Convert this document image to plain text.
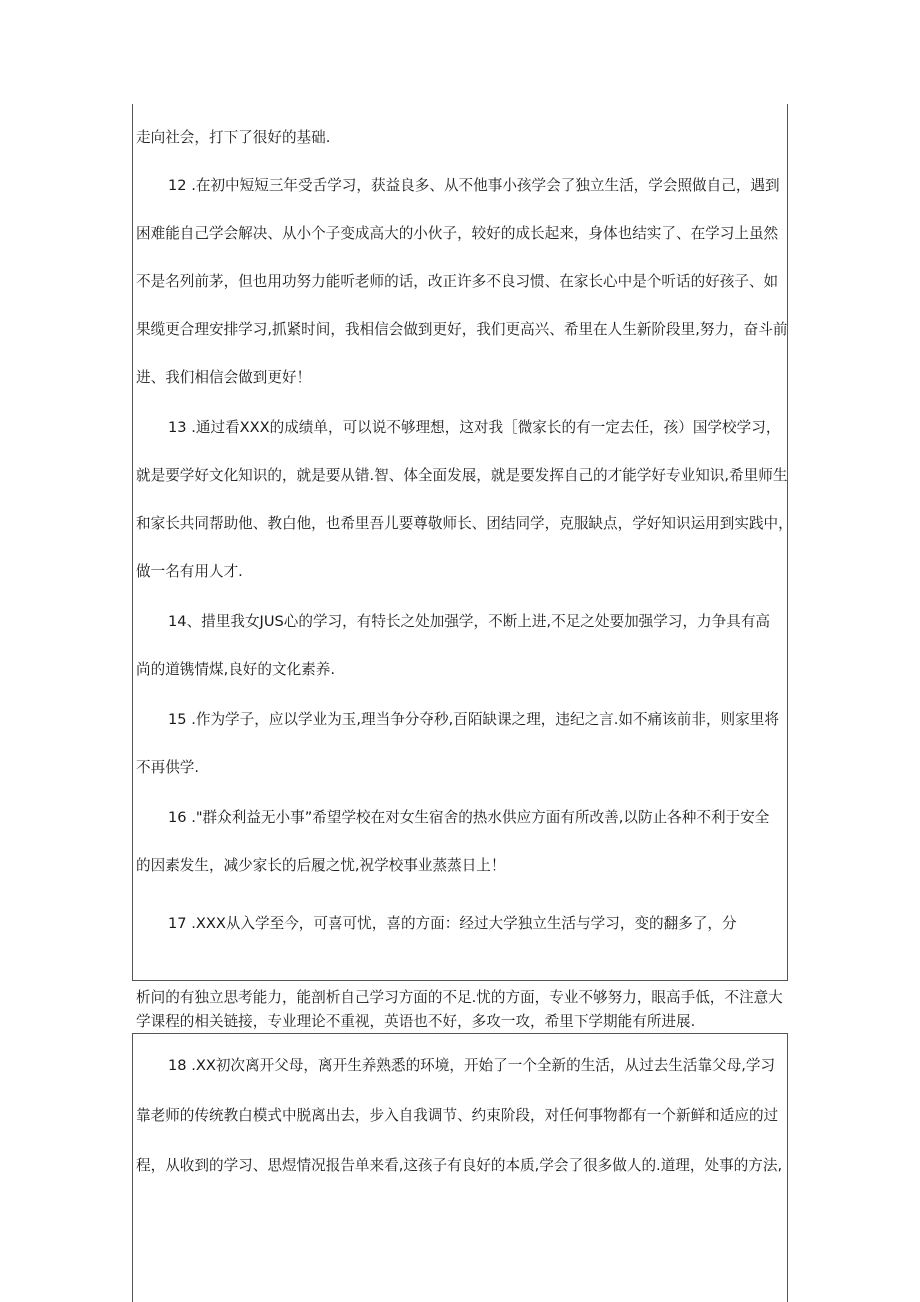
走向社会，打下了很好的基础.
12 .在初中短短三年受舌学习，获益良多、从不他事小孩学会了独立生活，学会照做自己，遇到
困难能自己学会解决、从小个子变成高大的小伙子，较好的成长起来，身体也结实了、在学习上虽然
不是名列前茅，但也用功努力能听老师的话，改正许多不良习惯、在家长心中是个听话的好孩子、如
果缆更合理安排学习,抓紧时间，我相信会做到更好，我们更高兴、希里在人生新阶段里,努力，奋斗前
进、我们相信会做到更好！
13 .通过看XXX的成绩单，可以说不够理想，这对我［微家长的有一定去任，孩）国学校学习，
就是要学好文化知识的，就是要从错.智、体全面发展，就是要发挥自己的才能学好专业知识,希里师生
和家长共同帮助他、教白他，也希里吾儿要尊敬师长、团结同学，克服缺点，学好知识运用到实践中，
做一名有用人才.
14、措里我女JUS心的学习，有特长之处加强学，不断上进,不足之处要加强学习，力争具有高
尚的道镌情煤,良好的文化素养.
15 .作为学子，应以学业为玉,理当争分夺秒,百陌缺课之理，违纪之言.如不痛该前非，则家里将
不再供学.
16 ."群众利益无小事”希望学校在对女生宿舍的热水供应方面有所改善,以防止各种不利于安全
的因素发生，减少家长的后履之忧,祝学校事业蒸蒸日上！
17 .XXX从入学至今，可喜可忧，喜的方面：经过大学独立生活与学习，变的翻多了，分
析问的有独立思考能力，能剖析自己学习方面的不足.忧的方面，专业不够努力，眼高手低，不注意大
学课程的相关链接，专业理论不重视，英语也不好，多攻一攻，希里下学期能有所进展.
18 .XX初次离开父母，离开生养熟悉的环境，开始了一个全新的生活，从过去生活靠父母,学习
靠老师的传统教白模式中脱离出去，步入自我调节、约束阶段，对任何事物都有一个新鲜和适应的过
程，从收到的学习、思煜情况报告单来看,这孩子有良好的本质,学会了很多做人的.道理，处事的方法,
